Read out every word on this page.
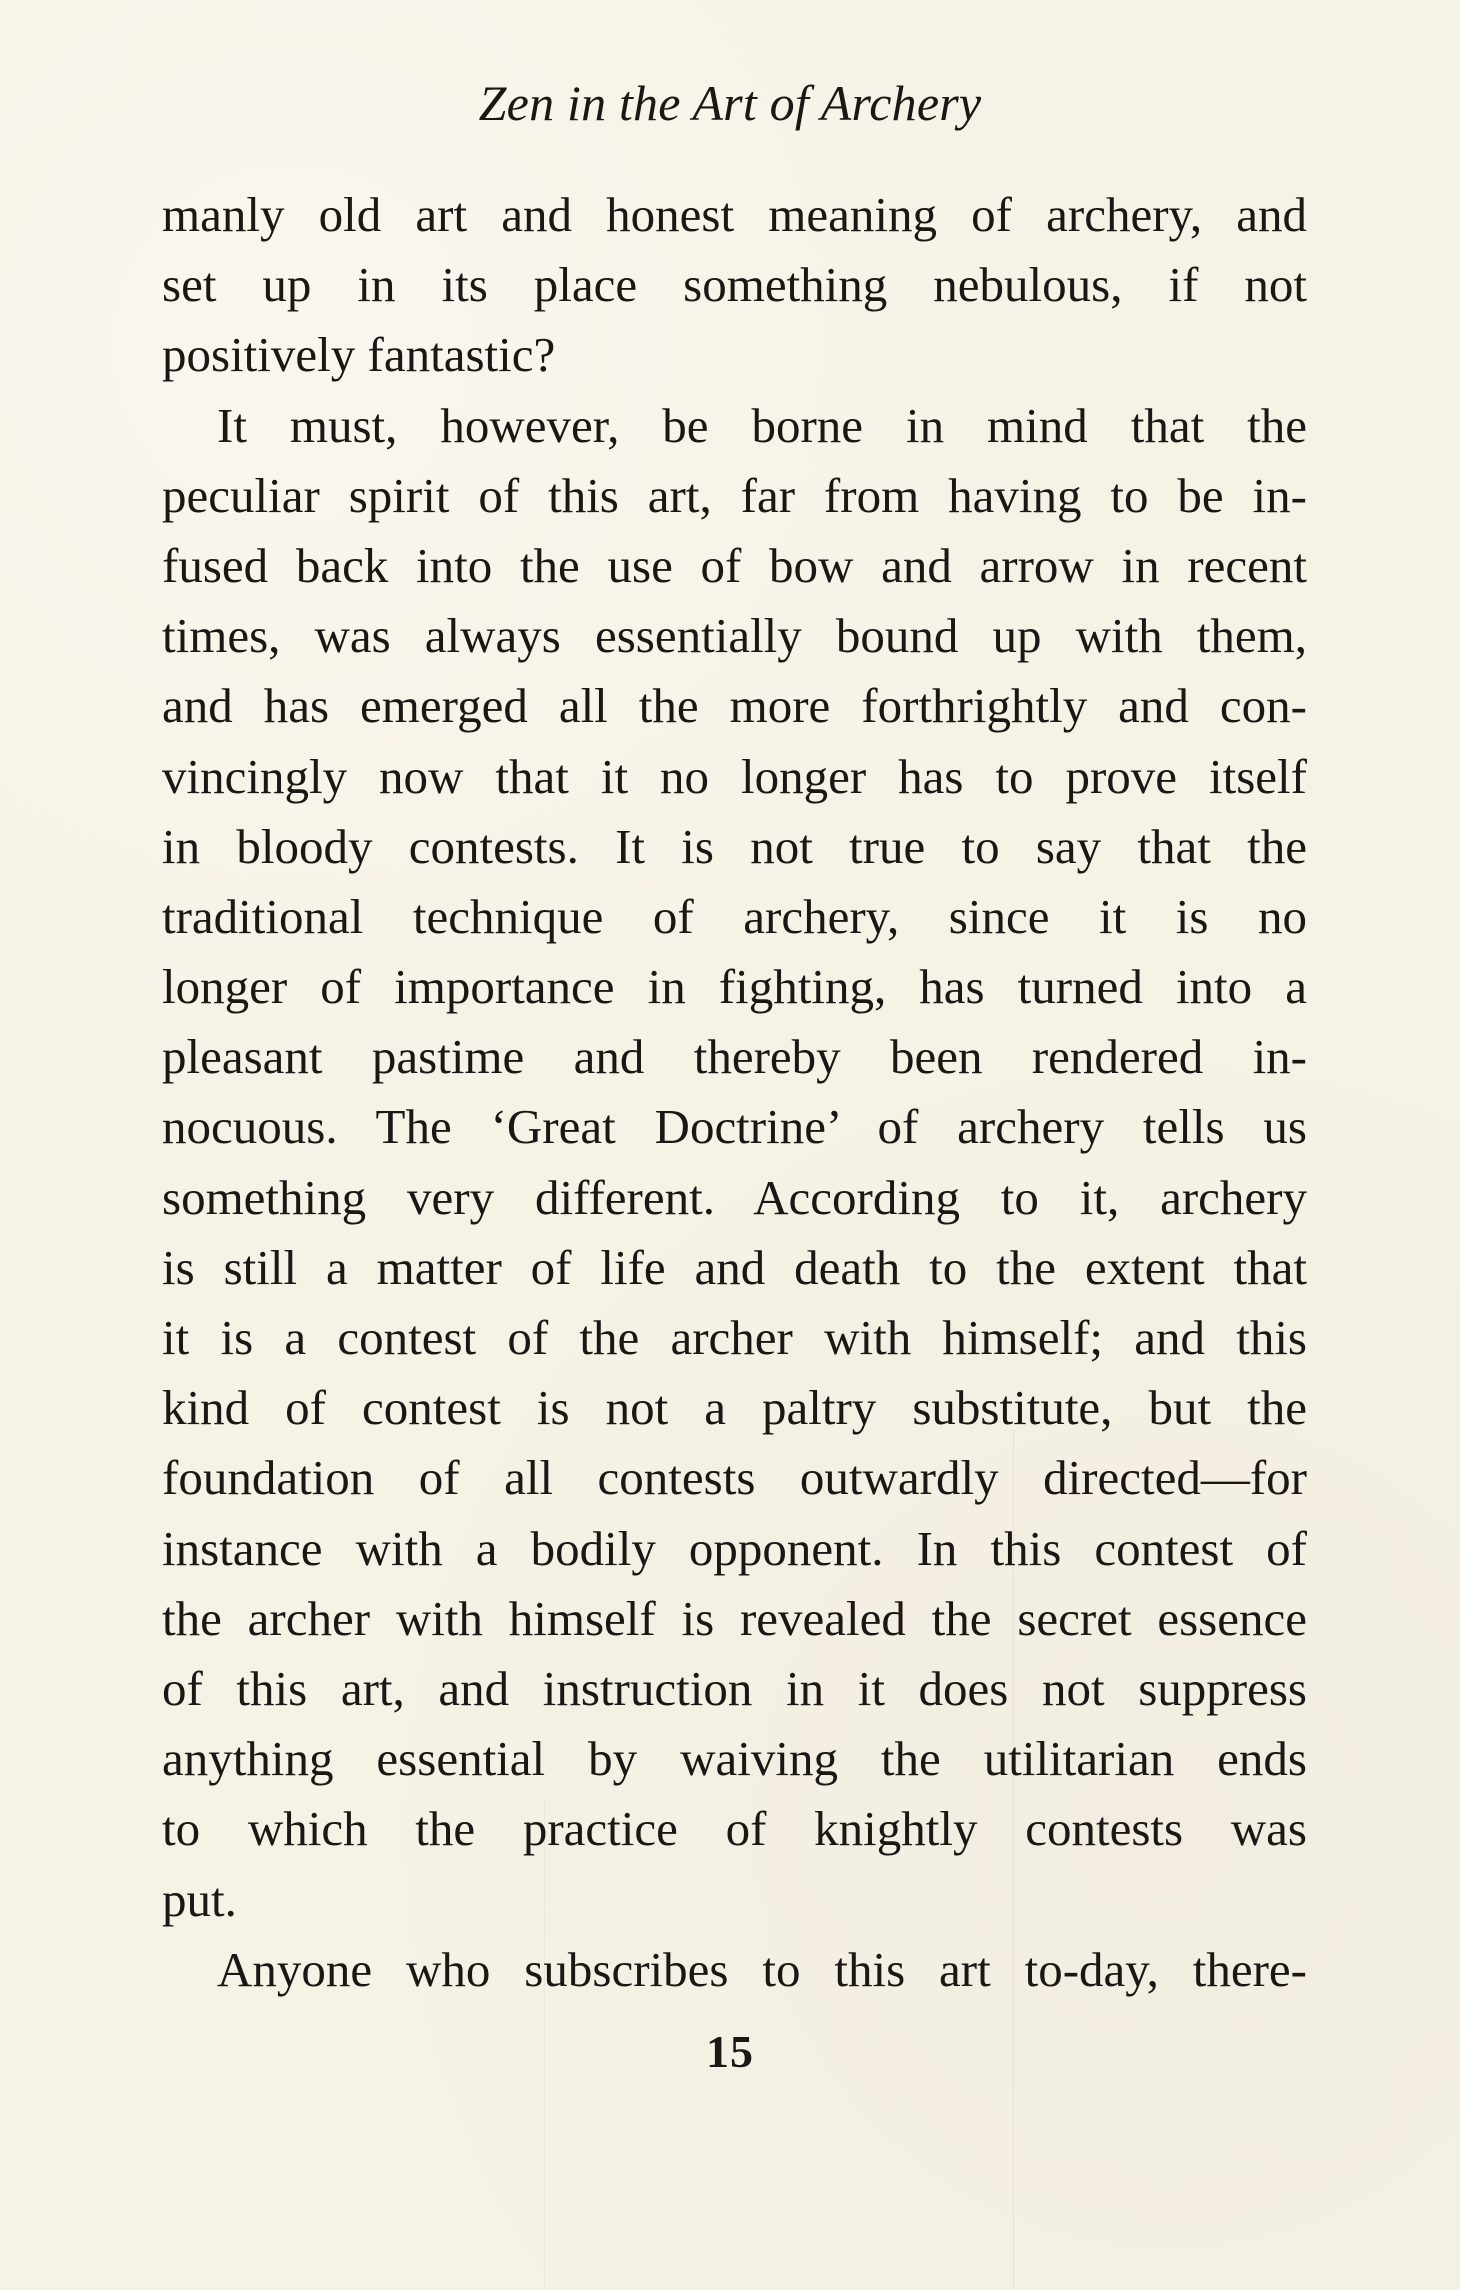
Zen in the Art of Archery
manly old art and honest meaning of archery, and
set up in its place something nebulous, if not
positively fantastic?
It must, however, be borne in mind that the
peculiar spirit of this art, far from having to be in-
fused back into the use of bow and arrow in recent
times, was always essentially bound up with them,
and has emerged all the more forthrightly and con-
vincingly now that it no longer has to prove itself
in bloody contests. It is not true to say that the
traditional technique of archery, since it is no
longer of importance in fighting, has turned into a
pleasant pastime and thereby been rendered in-
nocuous. The ‘Great Doctrine’ of archery tells us
something very different. According to it, archery
is still a matter of life and death to the extent that
it is a contest of the archer with himself; and this
kind of contest is not a paltry substitute, but the
foundation of all contests outwardly directed—for
instance with a bodily opponent. In this contest of
the archer with himself is revealed the secret essence
of this art, and instruction in it does not suppress
anything essential by waiving the utilitarian ends
to which the practice of knightly contests was
put.
Anyone who subscribes to this art to-day, there-
15
